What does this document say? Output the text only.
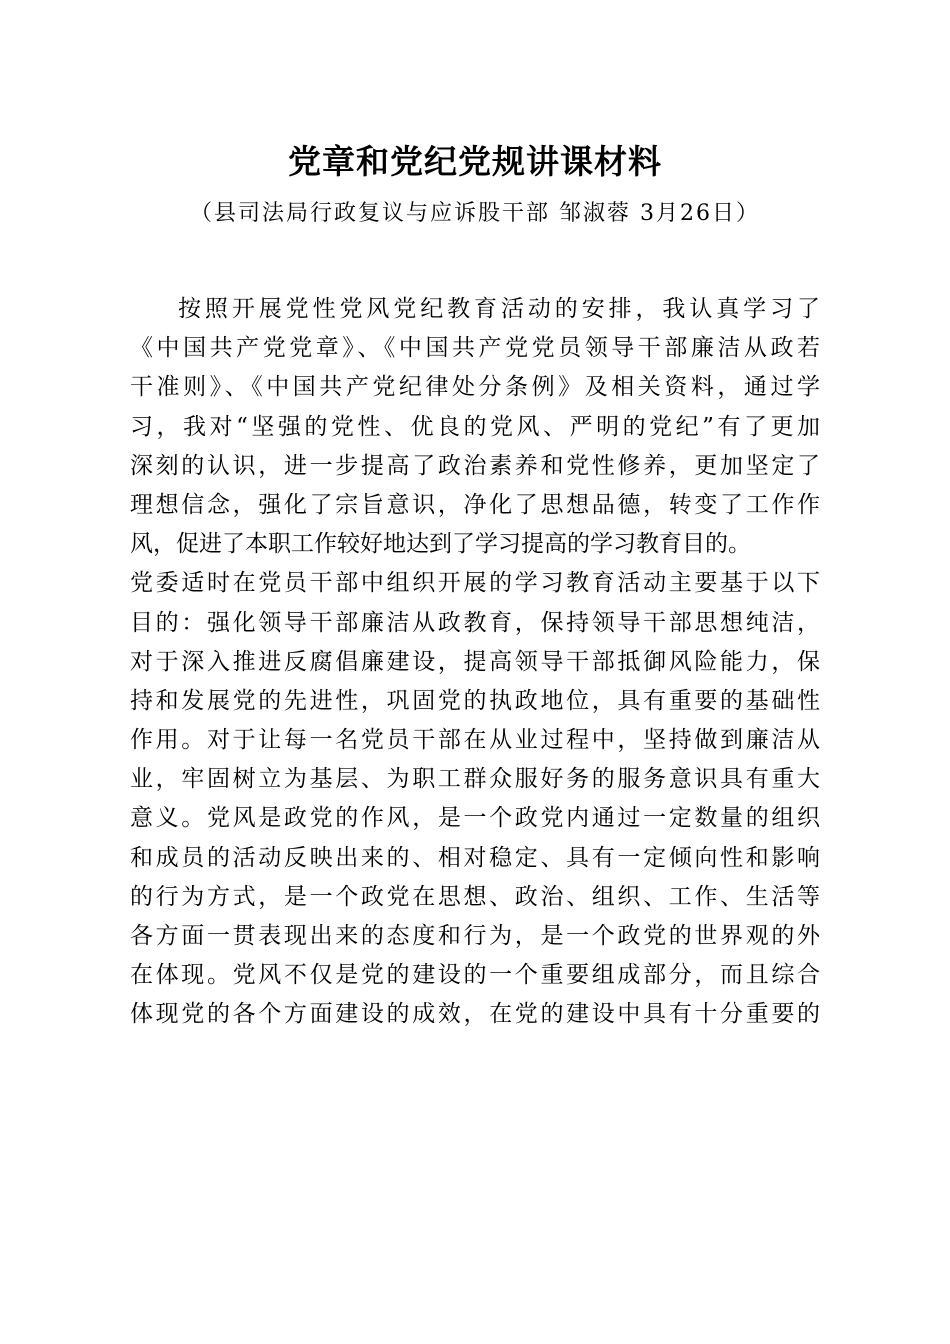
党章和党纪党规讲课材料

（县司法局行政复议与应诉股干部 邹淑蓉 3月26日）

按照开展党性党风党纪教育活动的安排，我认真学习了
《中国共产党党章》、《中国共产党党员领导干部廉洁从政若
干准则》、《中国共产党纪律处分条例》及相关资料，通过学
习，我对“坚强的党性、优良的党风、严明的党纪”有了更加
深刻的认识，进一步提高了政治素养和党性修养，更加坚定了
理想信念，强化了宗旨意识，净化了思想品德，转变了工作作
风，促进了本职工作较好地达到了学习提高的学习教育目的。
党委适时在党员干部中组织开展的学习教育活动主要基于以下
目的：强化领导干部廉洁从政教育，保持领导干部思想纯洁，
对于深入推进反腐倡廉建设，提高领导干部抵御风险能力，保
持和发展党的先进性，巩固党的执政地位，具有重要的基础性
作用。对于让每一名党员干部在从业过程中，坚持做到廉洁从
业，牢固树立为基层、为职工群众服好务的服务意识具有重大
意义。党风是政党的作风，是一个政党内通过一定数量的组织
和成员的活动反映出来的、相对稳定、具有一定倾向性和影响
的行为方式，是一个政党在思想、政治、组织、工作、生活等
各方面一贯表现出来的态度和行为，是一个政党的世界观的外
在体现。党风不仅是党的建设的一个重要组成部分，而且综合
体现党的各个方面建设的成效，在党的建设中具有十分重要的
